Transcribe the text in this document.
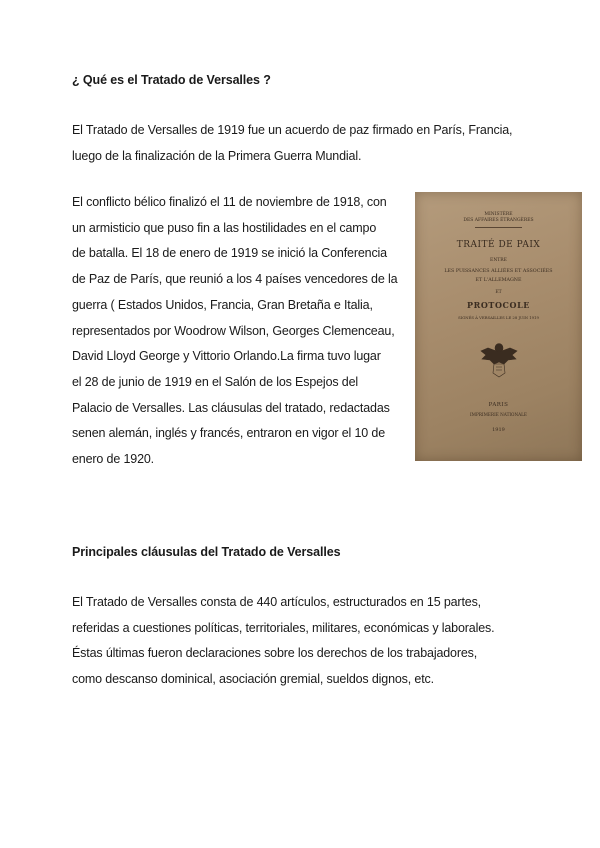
¿ Qué es el Tratado de Versalles ?
El Tratado de Versalles de 1919 fue un acuerdo de paz firmado en París, Francia,
luego de la finalización de la Primera Guerra Mundial.
El conflicto bélico finalizó el 11 de noviembre de 1918, con
un armisticio que puso fin a las hostilidades en el campo
de batalla. El 18 de enero de 1919 se inició la Conferencia
de Paz de París, que reunió a los 4 países vencedores de la
guerra ( Estados Unidos, Francia, Gran Bretaña e Italia,
representados por Woodrow Wilson, Georges Clemenceau,
David Lloyd George y Vittorio Orlando.La firma tuvo lugar
el 28 de junio de 1919 en el Salón de los Espejos del
Palacio de Versalles. Las cláusulas del tratado, redactadas
senen alemán, inglés y francés, entraron en vigor el 10 de
enero de 1920.
MINISTÈRE
DES AFFAIRES ÉTRANGÈRES
TRAITÉ DE PAIX
ENTRE
LES PUISSANCES ALLIÉES ET ASSOCIÉES
ET L'ALLEMAGNE
ET
PROTOCOLE
SIGNÉS À VERSAILLES LE 28 JUIN 1919
PARIS
IMPRIMERIE NATIONALE
1919
Principales cláusulas del Tratado de Versalles
El Tratado de Versalles consta de 440 artículos, estructurados en 15 partes,
referidas a cuestiones políticas, territoriales, militares, económicas y laborales.
Éstas últimas fueron declaraciones sobre los derechos de los trabajadores,
como descanso dominical, asociación gremial, sueldos dignos, etc.
